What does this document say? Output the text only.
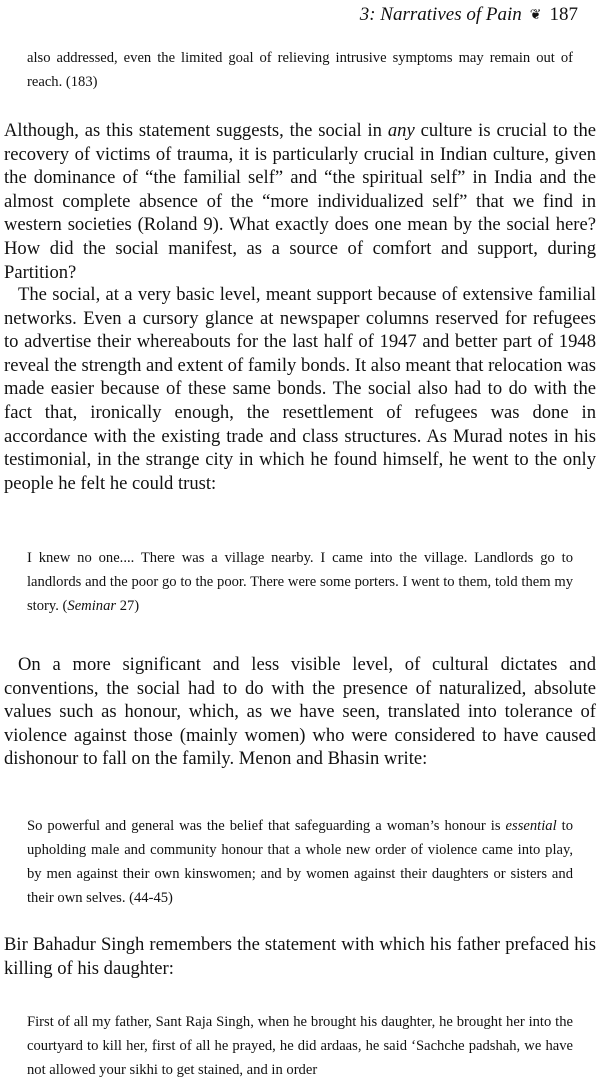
3: Narratives of Pain ❦ 187

also addressed, even the limited goal of relieving intrusive symptoms may remain out of reach. (183)

Although, as this statement suggests, the social in any culture is crucial to the recovery of victims of trauma, it is particularly crucial in Indian culture, given the dominance of “the familial self” and “the spiritual self” in India and the almost complete absence of the “more individualized self” that we find in western societies (Roland 9). What exactly does one mean by the social here? How did the social manifest, as a source of comfort and support, during Partition?

The social, at a very basic level, meant support because of extensive familial networks. Even a cursory glance at newspaper columns reserved for refugees to advertise their whereabouts for the last half of 1947 and better part of 1948 reveal the strength and extent of family bonds. It also meant that relocation was made easier because of these same bonds. The social also had to do with the fact that, ironically enough, the resettlement of refugees was done in accordance with the existing trade and class structures. As Murad notes in his testimonial, in the strange city in which he found himself, he went to the only people he felt he could trust:

I knew no one.... There was a village nearby. I came into the village. Landlords go to landlords and the poor go to the poor. There were some porters. I went to them, told them my story. (Seminar 27)

On a more significant and less visible level, of cultural dictates and conventions, the social had to do with the presence of naturalized, absolute values such as honour, which, as we have seen, translated into tolerance of violence against those (mainly women) who were considered to have caused dishonour to fall on the family. Menon and Bhasin write:

So powerful and general was the belief that safeguarding a woman’s honour is essential to upholding male and community honour that a whole new order of violence came into play, by men against their own kinswomen; and by women against their daughters or sisters and their own selves. (44-45)

Bir Bahadur Singh remembers the statement with which his father prefaced his killing of his daughter:

First of all my father, Sant Raja Singh, when he brought his daughter, he brought her into the courtyard to kill her, first of all he prayed, he did ardaas, he said ‘Sachche padshah, we have not allowed your sikhi to get stained, and in order
